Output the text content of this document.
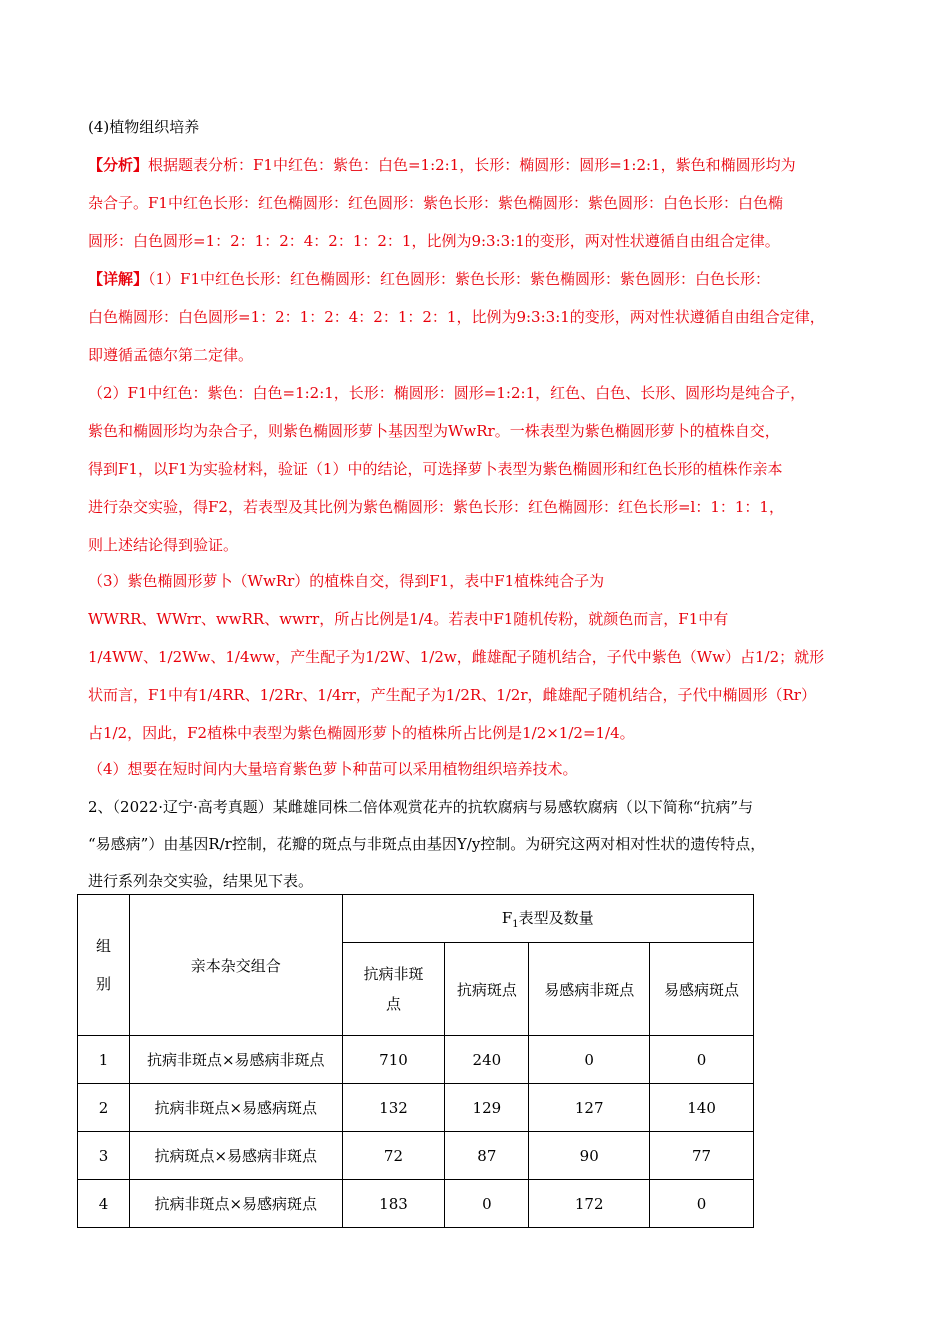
(4)植物组织培养
【分析】根据题表分析：F1中红色：紫色：白色=1:2:1，长形：椭圆形：圆形=1:2:1，紫色和椭圆形均为
杂合子。F1中红色长形：红色椭圆形：红色圆形：紫色长形：紫色椭圆形：紫色圆形：白色长形：白色椭
圆形：白色圆形=1：2：1：2：4：2：1：2：1，比例为9:3:3:1的变形，两对性状遵循自由组合定律。
【详解】（1）F1中红色长形：红色椭圆形：红色圆形：紫色长形：紫色椭圆形：紫色圆形：白色长形：
白色椭圆形：白色圆形=1：2：1：2：4：2：1：2：1，比例为9:3:3:1的变形，两对性状遵循自由组合定律，
即遵循孟德尔第二定律。
（2）F1中红色：紫色：白色=1:2:1，长形：椭圆形：圆形=1:2:1，红色、白色、长形、圆形均是纯合子，
紫色和椭圆形均为杂合子，则紫色椭圆形萝卜基因型为WwRr。一株表型为紫色椭圆形萝卜的植株自交，
得到F1，以F1为实验材料，验证（1）中的结论，可选择萝卜表型为紫色椭圆形和红色长形的植株作亲本
进行杂交实验，得F2，若表型及其比例为紫色椭圆形：紫色长形：红色椭圆形：红色长形=l：1：1：1，
则上述结论得到验证。
（3）紫色椭圆形萝卜（WwRr）的植株自交，得到F1，表中F1植株纯合子为
WWRR、WWrr、wwRR、wwrr，所占比例是1/4。若表中F1随机传粉，就颜色而言，F1中有
1/4WW、1/2Ww、1/4ww，产生配子为1/2W、1/2w，雌雄配子随机结合，子代中紫色（Ww）占1/2；就形
状而言，F1中有1/4RR、1/2Rr、1/4rr，产生配子为1/2R、1/2r，雌雄配子随机结合，子代中椭圆形（Rr）
占1/2，因此，F2植株中表型为紫色椭圆形萝卜的植株所占比例是1/2×1/2=1/4。
（4）想要在短时间内大量培育紫色萝卜种苗可以采用植物组织培养技术。
2、（2022·辽宁·高考真题）某雌雄同株二倍体观赏花卉的抗软腐病与易感软腐病（以下简称“抗病”与
“易感病”）由基因R/r控制，花瓣的斑点与非斑点由基因Y/y控制。为研究这两对相对性状的遗传特点，
进行系列杂交实验，结果见下表。
组
别	亲本杂交组合	$F_1$表型及数量			

		抗病非斑
点	抗病斑点	易感病非斑点	易感病斑点
1	抗病非斑点×易感病非斑点	710	240	0	0
2	抗病非斑点×易感病斑点	132	129	127	140
3	抗病斑点×易感病非斑点	72	87	90	77
4	抗病非斑点×易感病斑点	183	0	172	0
